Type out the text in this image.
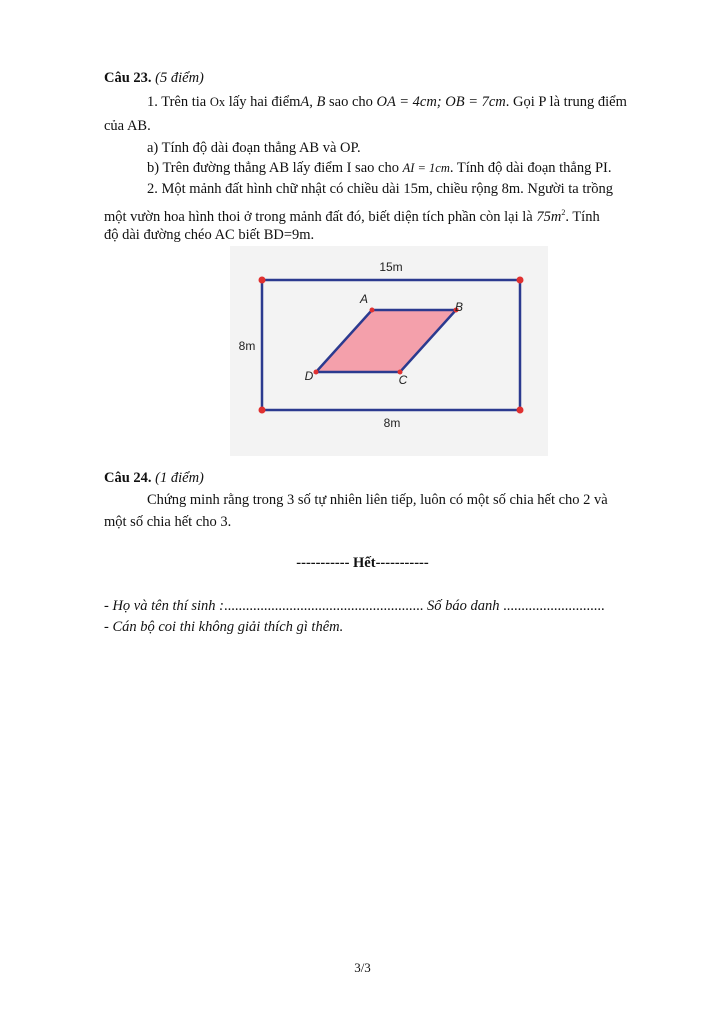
Câu 23. (5 điểm)
1. Trên tia Ox lấy hai điểmA, B sao cho OA = 4cm; OB = 7cm. Gọi P là trung điểm
của AB.
a) Tính độ dài đoạn thẳng AB và OP.
b) Trên đường thẳng AB lấy điểm I sao cho AI = 1cm. Tính độ dài đoạn thẳng PI.
2. Một mảnh đất hình chữ nhật có chiều dài 15m, chiều rộng 8m. Người ta trồng
một vườn hoa hình thoi ở trong mảnh đất đó, biết diện tích phần còn lại là $75m^2$. Tính
độ dài đường chéo AC biết BD=9m.
15m
8m
8m
A
B
C
D
Câu 24. (1 điểm)
Chứng minh rằng trong 3 số tự nhiên liên tiếp, luôn có một số chia hết cho 2 và
một số chia hết cho 3.
----------- Hết-----------
- Họ và tên thí sinh :....................................................... Số báo danh ............................
- Cán bộ coi thi không giải thích gì thêm.
3/3
